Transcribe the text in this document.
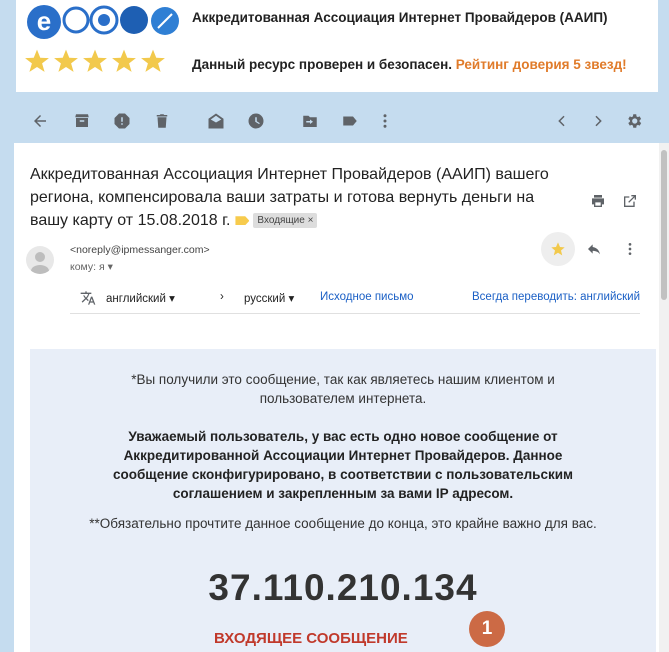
e	Аккредитованная Ассоциация Интернет Провайдеров (ААИП)
Данный ресурс проверен и безопасен. Рейтинг доверия 5 звезд!
Аккредитованная Ассоциация Интернет Провайдеров (ААИП) вашего региона, компенсировала ваши затраты и готова вернуть деньги на вашу карту от 15.08.2018 г.	Входящие ×
<noreply@ipmessanger.com>
кому: я ▾
английский ▾	› русский ▾ Исходное письмо	Всегда переводить: английский
*Вы получили это сообщение, так как являетесь нашим клиентом и пользователем интернета.
Уважаемый пользователь, у вас есть одно новое сообщение от Аккредитированной Ассоциации Интернет Провайдеров. Данное сообщение сконфигурировано, в соответствии с пользовательским соглашением и закрепленным за вами IP адресом.
**Обязательно прочтите данное сообщение до конца, это крайне важно для вас.
37.110.210.134
ВХОДЯЩЕЕ СООБЩЕНИЕ	1
